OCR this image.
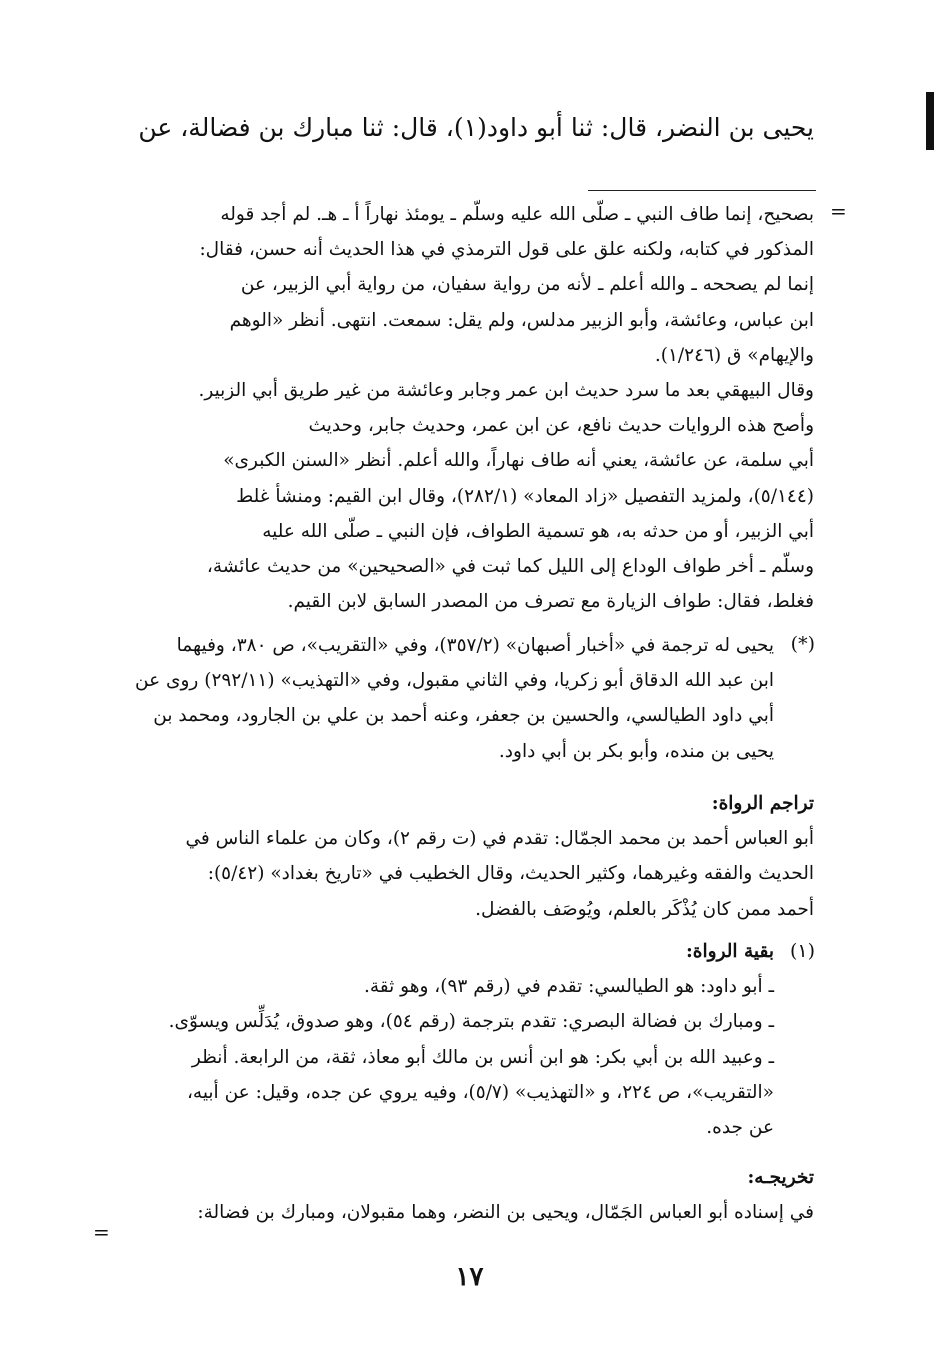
يحيى بن النضر، قال: ثنا أبو داود(١)، قال: ثنا مبارك بن فضالة، عن
=

بصحيح، إنما طاف النبي ـ صلّى الله عليه وسلّم ـ يومئذ نهاراً أ ـ هـ. لم أجد قوله

المذكور في كتابه، ولكنه علق على قول الترمذي في هذا الحديث أنه حسن، فقال:

إنما لم يصححه ـ والله أعلم ـ لأنه من رواية سفيان، من رواية أبي الزبير، عن

ابن عباس، وعائشة، وأبو الزبير مدلس، ولم يقل: سمعت. انتهى. أنظر «الوهم

والإيهام» ق (١/٢٤٦).

وقال البيهقي بعد ما سرد حديث ابن عمر وجابر وعائشة من غير طريق أبي الزبير.

وأصح هذه الروايات حديث نافع، عن ابن عمر، وحديث جابر، وحديث

أبي سلمة، عن عائشة، يعني أنه طاف نهاراً، والله أعلم. أنظر «السنن الكبرى»

(٥/١٤٤)، ولمزيد التفصيل «زاد المعاد» (٢٨٢/١)، وقال ابن القيم: ومنشأ غلط

أبي الزبير، أو من حدثه به، هو تسمية الطواف، فإن النبي ـ صلّى الله عليه

وسلّم ـ أخر طواف الوداع إلى الليل كما ثبت في «الصحيحين» من حديث عائشة،

فغلط، فقال: طواف الزيارة مع تصرف من المصدر السابق لابن القيم.

(*)

يحيى له ترجمة في «أخبار أصبهان» (٣٥٧/٢)، وفي «التقريب»، ص ٣٨٠، وفيهما

ابن عبد الله الدقاق أبو زكريا، وفي الثاني مقبول، وفي «التهذيب» (٢٩٢/١١) روى عن

أبي داود الطيالسي، والحسين بن جعفر، وعنه أحمد بن علي بن الجارود، ومحمد بن

يحيى بن منده، وأبو بكر بن أبي داود.

تراجم الرواة:

أبو العباس أحمد بن محمد الجمّال: تقدم في (ت رقم ٢)، وكان من علماء الناس في

الحديث والفقه وغيرهما، وكثير الحديث، وقال الخطيب في «تاريخ بغداد» (٥/٤٢):

أحمد ممن كان يُذْكَر بالعلم، ويُوصَف بالفضل.

(١)

بقية الرواة:

ـ أبو داود: هو الطيالسي: تقدم في (رقم ٩٣)، وهو ثقة.

ـ ومبارك بن فضالة البصري: تقدم بترجمة (رقم ٥٤)، وهو صدوق، يُدَلِّس ويسوّى.

ـ وعبيد الله بن أبي بكر: هو ابن أنس بن مالك أبو معاذ، ثقة، من الرابعة. أنظر

«التقريب»، ص ٢٢٤، و «التهذيب» (٥/٧)، وفيه يروي عن جده، وقيل: عن أبيه،

عن جده.

تخريجـه:

في إسناده أبو العباس الجَمّال، ويحيى بن النضر، وهما مقبولان، ومبارك بن فضالة:

=
١٧
